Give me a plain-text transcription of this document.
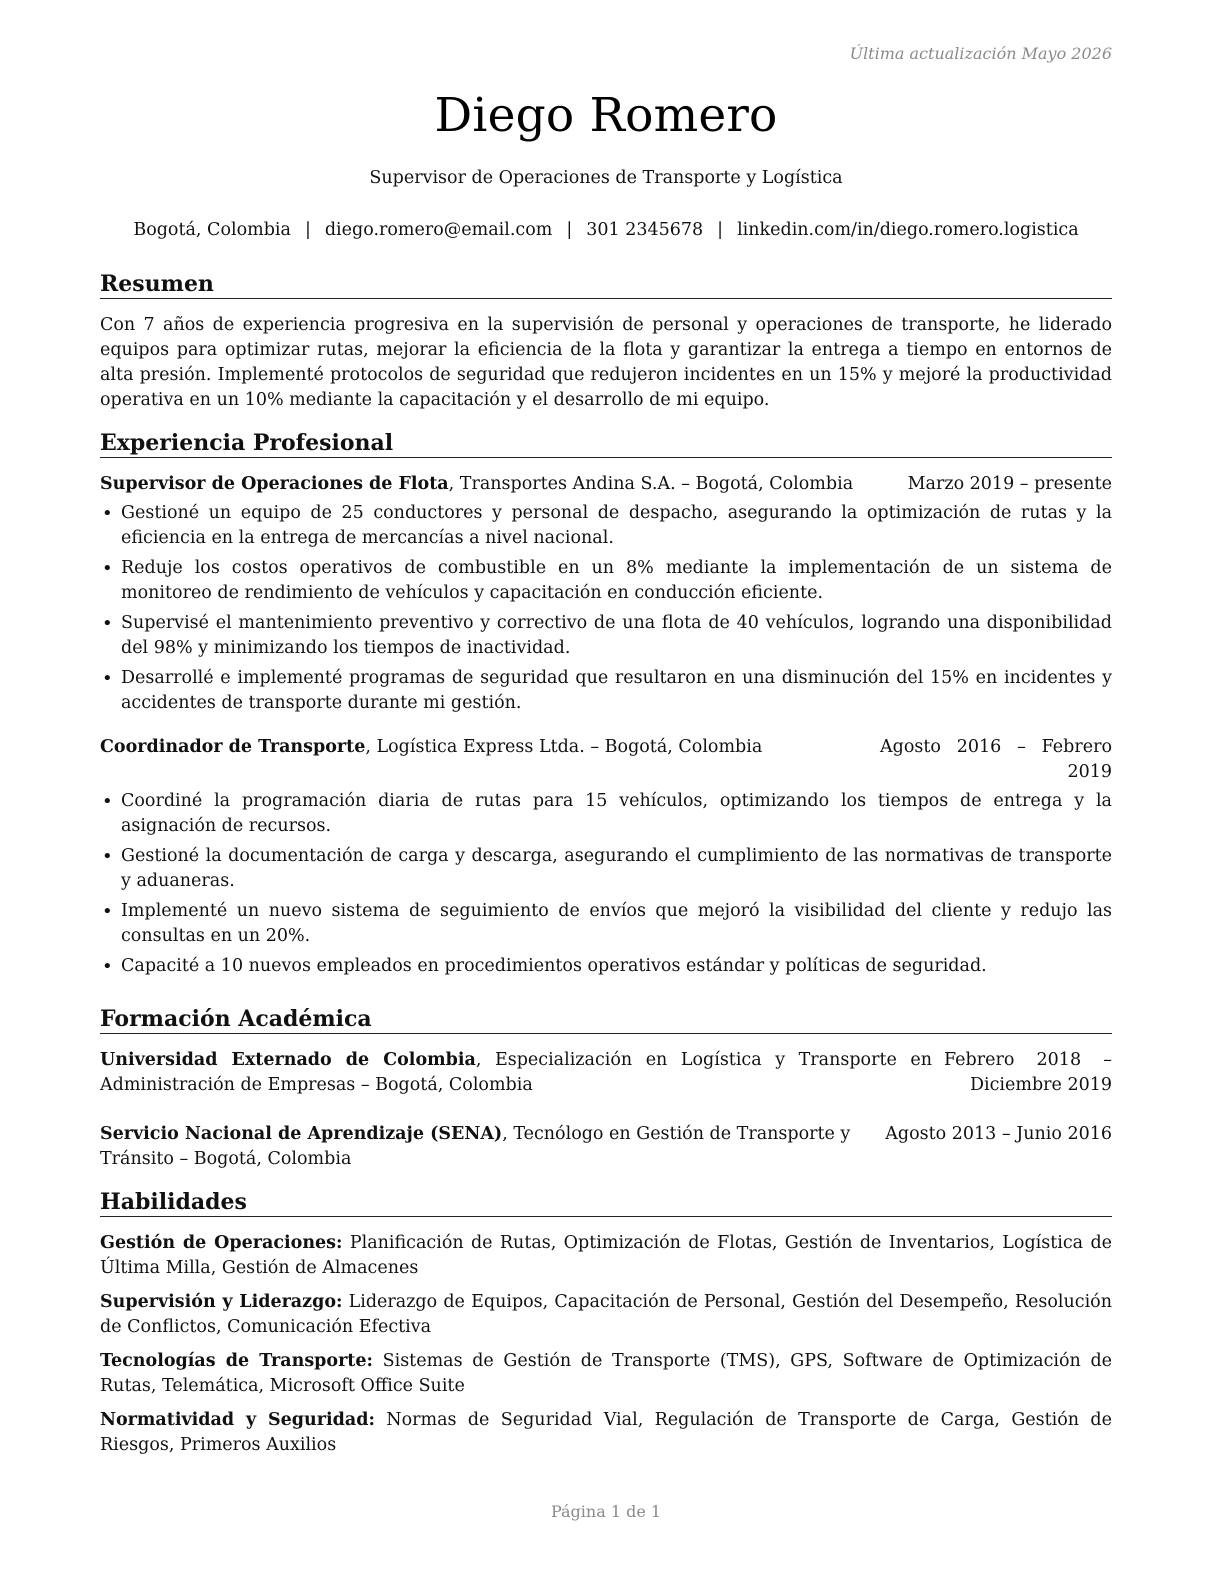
Última actualización Mayo 2026
Diego Romero
Supervisor de Operaciones de Transporte y Logística
Bogotá, Colombia | diego.romero@email.com | 301 2345678 | linkedin.com/in/diego.romero.logistica
Resumen

Con 7 años de experiencia progresiva en la supervisión de personal y operaciones de transporte, he liderado equipos para optimizar rutas, mejorar la eficiencia de la flota y garantizar la entrega a tiempo en entornos de alta presión. Implementé protocolos de seguridad que redujeron incidentes en un 15% y mejoré la productividad operativa en un 10% mediante la capacitación y el desarrollo de mi equipo.

Experiencia Profesional
Supervisor de Operaciones de Flota, Transportes Andina S.A. – Bogotá, Colombia	Marzo 2019 – presente
• Gestioné un equipo de 25 conductores y personal de despacho, asegurando la optimización de rutas y la eficiencia en la entrega de mercancías a nivel nacional.
• Reduje los costos operativos de combustible en un 8% mediante la implementación de un sistema de monitoreo de rendimiento de vehículos y capacitación en conducción eficiente.
• Supervisé el mantenimiento preventivo y correctivo de una flota de 40 vehículos, logrando una disponibilidad del 98% y minimizando los tiempos de inactividad.
• Desarrollé e implementé programas de seguridad que resultaron en una disminución del 15% en incidentes y accidentes de transporte durante mi gestión.
Coordinador de Transporte, Logística Express Ltda. – Bogotá, Colombia	Agosto 2016 – Febrero 2019
• Coordiné la programación diaria de rutas para 15 vehículos, optimizando los tiempos de entrega y la asignación de recursos.
• Gestioné la documentación de carga y descarga, asegurando el cumplimiento de las normativas de transporte y aduaneras.
• Implementé un nuevo sistema de seguimiento de envíos que mejoró la visibilidad del cliente y redujo las consultas en un 20%.
• Capacité a 10 nuevos empleados en procedimientos operativos estándar y políticas de seguridad.
Formación Académica
Universidad Externado de Colombia, Especialización en Logística y Transporte en Administración de Empresas – Bogotá, Colombia
Febrero 2018 – Diciembre 2019
Servicio Nacional de Aprendizaje (SENA), Tecnólogo en Gestión de Transporte y Tránsito – Bogotá, Colombia
Agosto 2013 – Junio 2016
Habilidades
Gestión de Operaciones: Planificación de Rutas, Optimización de Flotas, Gestión de Inventarios, Logística de Última Milla, Gestión de Almacenes
Supervisión y Liderazgo: Liderazgo de Equipos, Capacitación de Personal, Gestión del Desempeño, Resolución de Conflictos, Comunicación Efectiva
Tecnologías de Transporte: Sistemas de Gestión de Transporte (TMS), GPS, Software de Optimización de Rutas, Telemática, Microsoft Office Suite
Normatividad y Seguridad: Normas de Seguridad Vial, Regulación de Transporte de Carga, Gestión de Riesgos, Primeros Auxilios
Página 1 de 1
